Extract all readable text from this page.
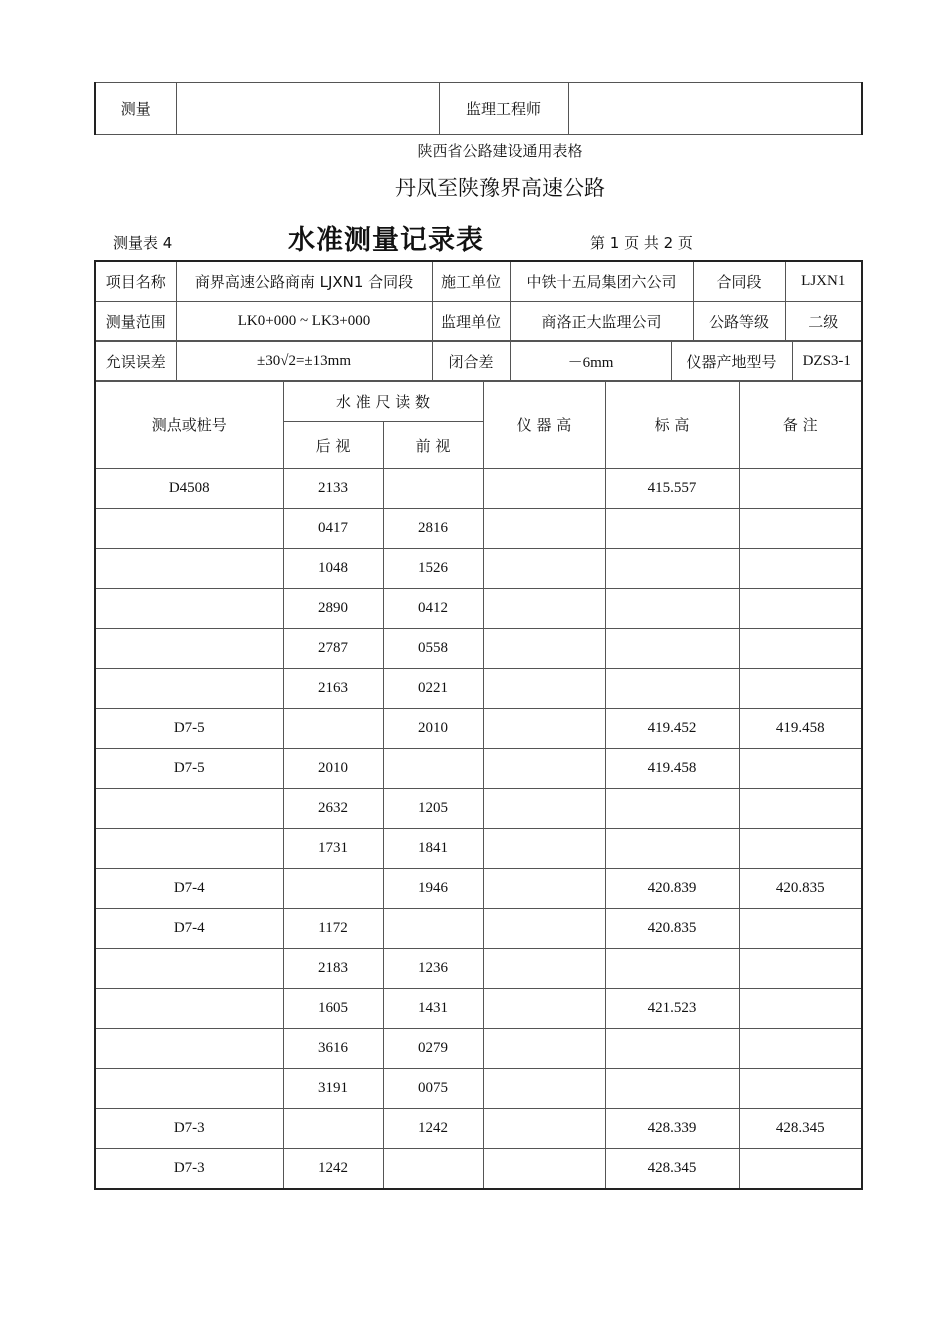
测量		监理工程师	
陕西省公路建设通用表格
丹凤至陕豫界高速公路
测量表 4	水准测量记录表	第 1 页 共 2 页
项目名称	商界高速公路商南 LJXN1 合同段	施工单位	中铁十五局集团六公司	合同段	LJXN1
测量范围	LK0+000 ~ LK3+000	监理单位	商洛正大监理公司	公路等级	二级
允误误差	±30√2=±13mm	闭合差	－6mm	仪器产地型号	DZS3-1
测点或桩号	水 准 尺 读 数		仪 器 高	标 高	备 注
	后 视	前 视			
D4508	2133			415.557	
	0417	2816			
	1048	1526			
	2890	0412			
	2787	0558			
	2163	0221			
D7-5		2010		419.452	419.458
D7-5	2010			419.458	
	2632	1205			
	1731	1841			
D7-4		1946		420.839	420.835
D7-4	1172			420.835	
	2183	1236			
	1605	1431		421.523	
	3616	0279			
	3191	0075			
D7-3		1242		428.339	428.345
D7-3	1242			428.345	
